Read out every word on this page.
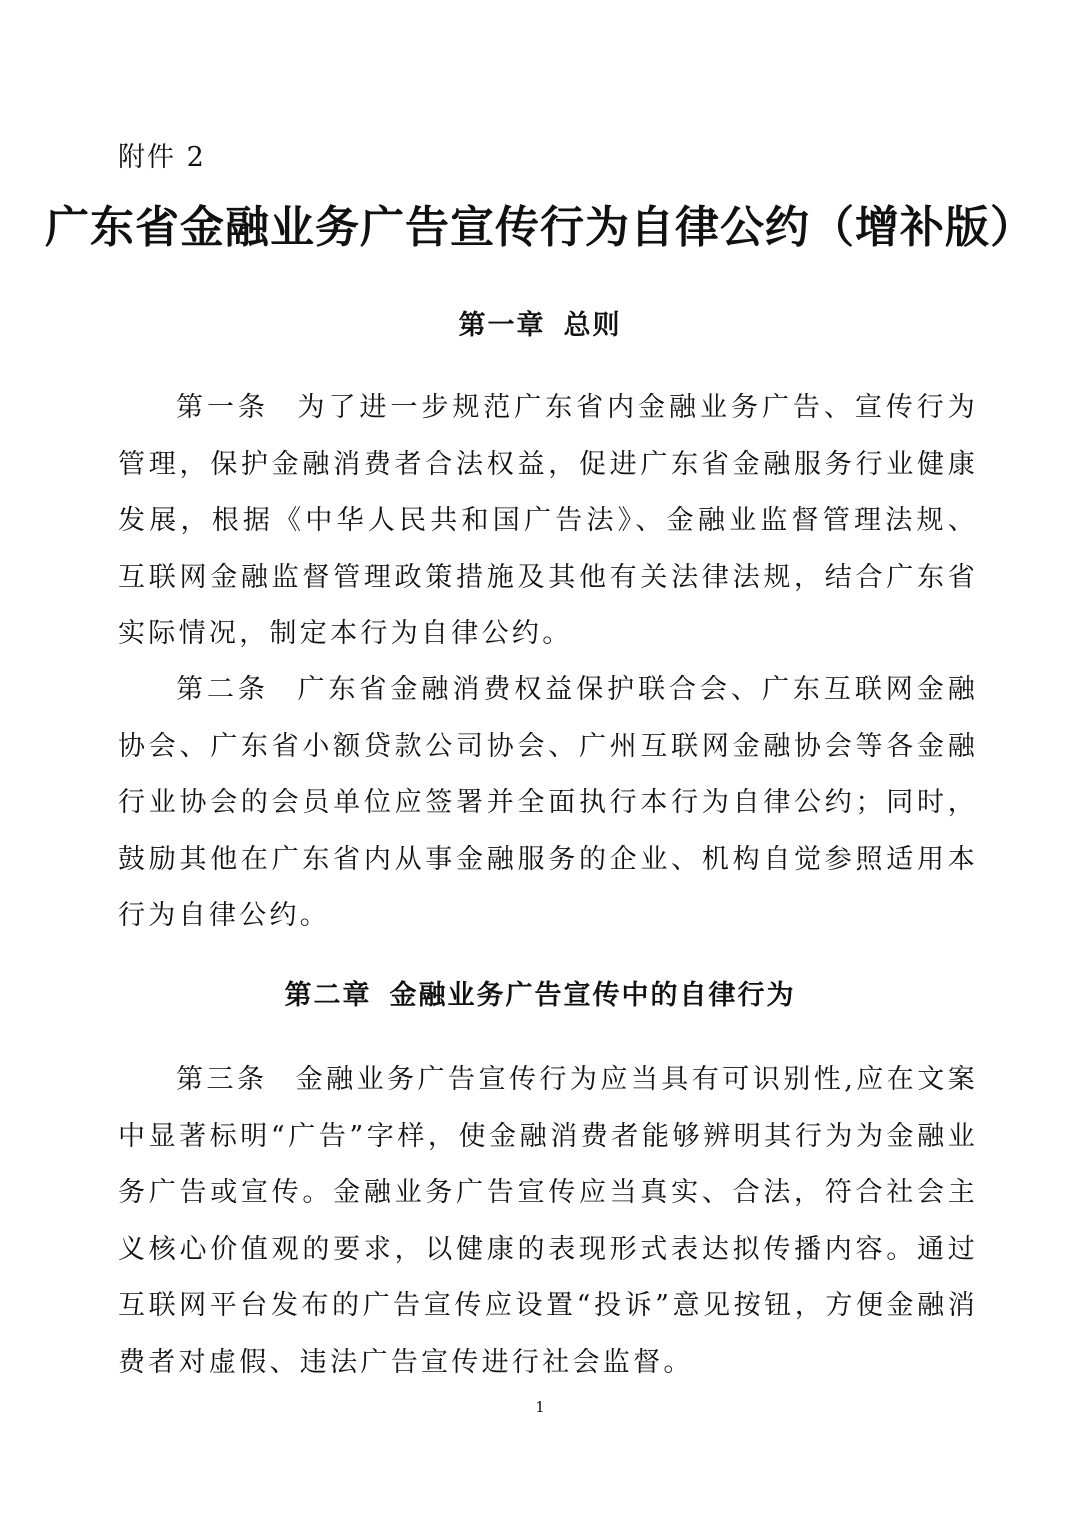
附件 2
广东省金融业务广告宣传行为自律公约（增补版）
第一章 总则

第一条 为了进一步规范广东省内金融业务广告、宣传行为管理，保护金融消费者合法权益，促进广东省金融服务行业健康发展，根据《中华人民共和国广告法》、金融业监督管理法规、互联网金融监督管理政策措施及其他有关法律法规，结合广东省实际情况，制定本行为自律公约。

第二条 广东省金融消费权益保护联合会、广东互联网金融协会、广东省小额贷款公司协会、广州互联网金融协会等各金融行业协会的会员单位应签署并全面执行本行为自律公约；同时，鼓励其他在广东省内从事金融服务的企业、机构自觉参照适用本行为自律公约。

第二章 金融业务广告宣传中的自律行为

第三条 金融业务广告宣传行为应当具有可识别性,应在文案中显著标明“广告”字样，使金融消费者能够辨明其行为为金融业务广告或宣传。金融业务广告宣传应当真实、合法，符合社会主义核心价值观的要求，以健康的表现形式表达拟传播内容。通过互联网平台发布的广告宣传应设置“投诉”意见按钮，方便金融消费者对虚假、违法广告宣传进行社会监督。

1
